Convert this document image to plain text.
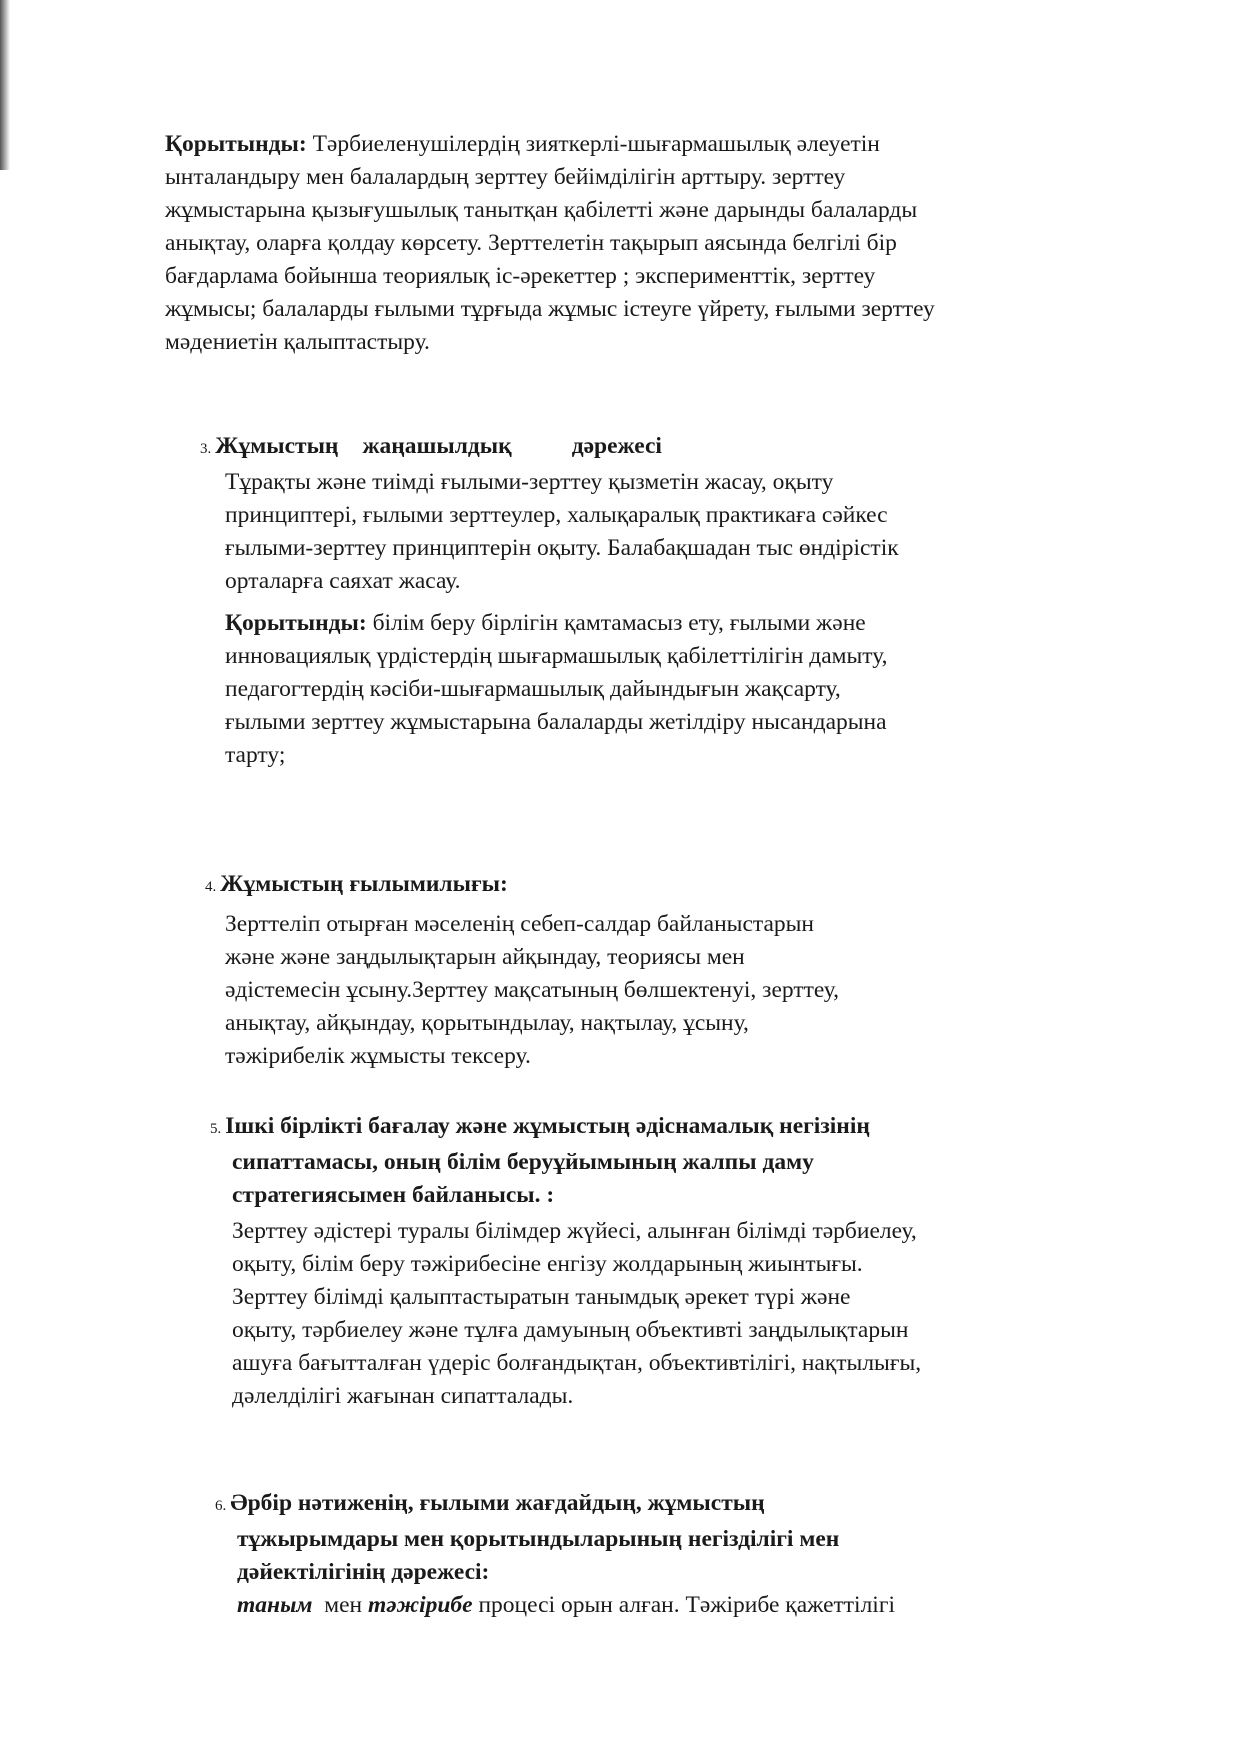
Қорытынды: Тәрбиеленушілердің зияткерлі-шығармашылық әлеуетін

ынталандыру мен балалардың зерттеу бейімділігін арттыру. зерттеу

жұмыстарына қызығушылық танытқан қабілетті және дарынды балаларды

анықтау, оларға қолдау көрсету. Зерттелетін тақырып аясында белгілі бір

бағдарлама бойынша теориялық іс-әрекеттер ; эксперименттік, зерттеу

жұмысы; балаларды ғылыми тұрғыда жұмыс істеуге үйрету, ғылыми зерттеу

мәдениетін қалыптастыру.

3. Жұмыстың жаңашылдық	дәрежесі

Тұрақты және тиімді ғылыми-зерттеу қызметін жасау, оқыту

принциптері, ғылыми зерттеулер, халықаралық практикаға сәйкес

ғылыми-зерттеу принциптерін оқыту. Балабақшадан тыс өндірістік

орталарға саяхат жасау.

Қорытынды: білім беру бірлігін қамтамасыз ету, ғылыми және

инновациялық үрдістердің шығармашылық қабілеттілігін дамыту,

педагогтердің кәсіби-шығармашылық дайындығын жақсарту,

ғылыми зерттеу жұмыстарына балаларды жетілдіру нысандарына

тарту;

4. Жұмыстың ғылымилығы:

Зерттеліп отырған мәселенің себеп-салдар байланыстарын

және және заңдылықтарын айқындау, теориясы мен

әдістемесін ұсыну.Зерттеу мақсатының бөлшектенуі, зерттеу,

анықтау, айқындау, қорытындылау, нақтылау, ұсыну,

тәжірибелік жұмысты тексеру.

5. Ішкі бірлікті бағалау және жұмыстың әдіснамалық негізінің

сипаттамасы, оның білім беруұйымының жалпы даму

стратегиясымен байланысы. :

Зерттеу әдістері туралы білімдер жүйесі, алынған білімді тәрбиелеу,

оқыту, білім беру тәжірибесіне енгізу жолдарының жиынтығы.

Зерттеу білімді қалыптастыратын танымдық әрекет түрі және

оқыту, тәрбиелеу және тұлға дамуының объективті заңдылықтарын

ашуға бағытталған үдеріс болғандықтан, объективтілігі, нақтылығы,

дәлелділігі жағынан сипатталады.

6. Әрбір нәтиженің, ғылыми жағдайдың, жұмыстың

тұжырымдары мен қорытындыларының негізділігі мен

дәйектілігінің дәрежесі:

таным  мен тәжірибе процесі орын алған. Тәжірибе қажеттілігі
